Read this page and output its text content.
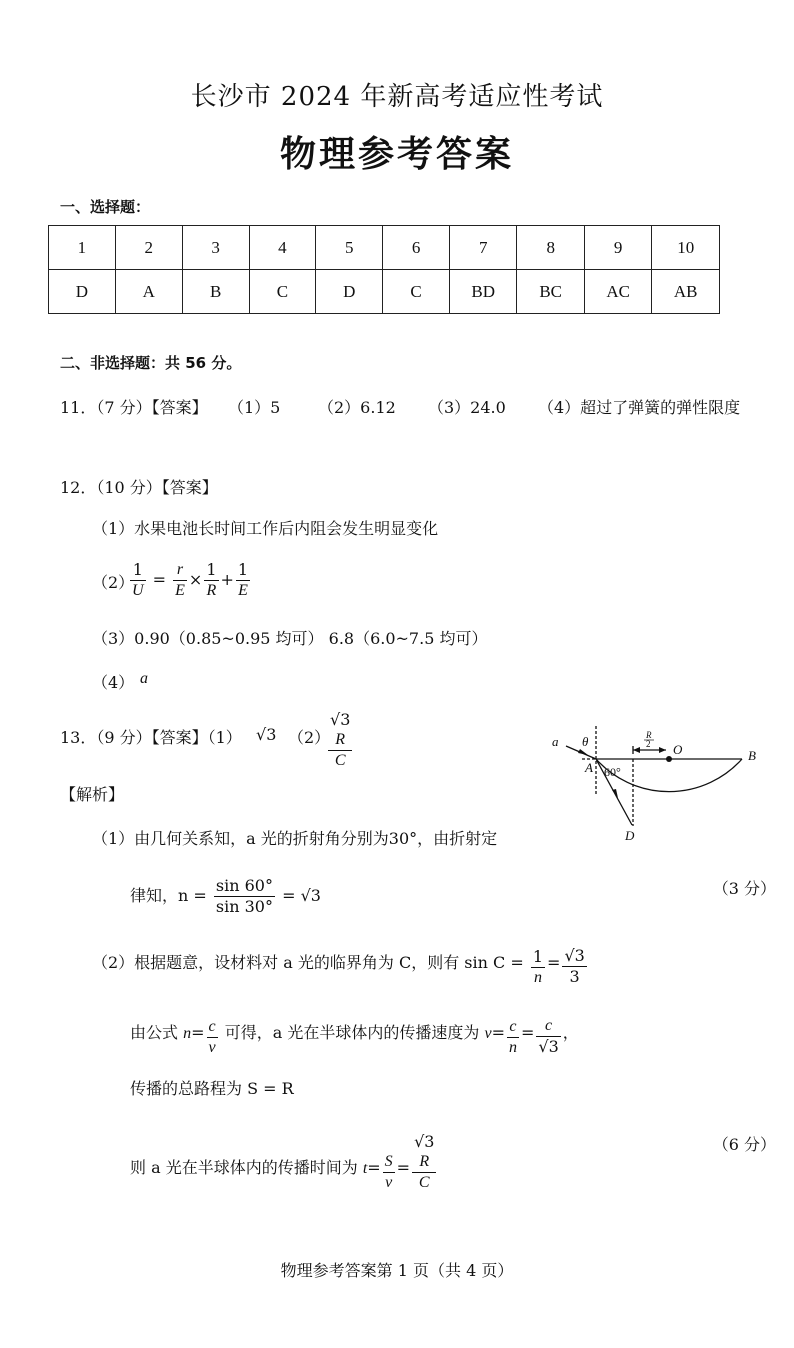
长沙市 2024 年新高考适应性考试
物理参考答案
一、选择题：
1	2	3	4	5	6	7	8	9	10
D	A	B	C	D	C	BD	BC	AC	AB
二、非选择题：共 56 分。
11．（7 分）【答案】 （1）5 （2）6.12 （3）24.0 （4）超过了弹簧的弹性限度
12．（10 分）【答案】
（1）水果电池长时间工作后内阻会发生明显变化
（2）
$\frac{1}{U} = \frac{r}{E} \times \frac{1}{R} + \frac{1}{E}$
（3）0.90（0.85~0.95 均可） 6.8（6.0~7.5 均可）
（4） a
13．（9 分）【答案】（1） √3 （2）
√3
R
C
【解析】
（1）由几何关系知，a 光的折射角分别为30°，由折射定
律知，$n = \frac{\sin 60^\circ}{\sin 30^\circ} = √3$	（3 分）
（2）根据题意，设材料对 a 光的临界角为 C，则有 $\sin C = \frac{1}{n} = \frac{√3}{3}$
由公式 $n= \frac{c}{v}$ 可得，a 光在半球体内的传播速度为 $v= \frac{c}{n} = \frac{c}{√3}$ ，
传播的总路程为 S = R
则 a 光在半球体内的传播时间为 $t= \frac{S}{v} = √3$
R
C	（6 分）
a θ
A
D
O	B
R
2
60°
物理参考答案第 1 页（共 4 页）
